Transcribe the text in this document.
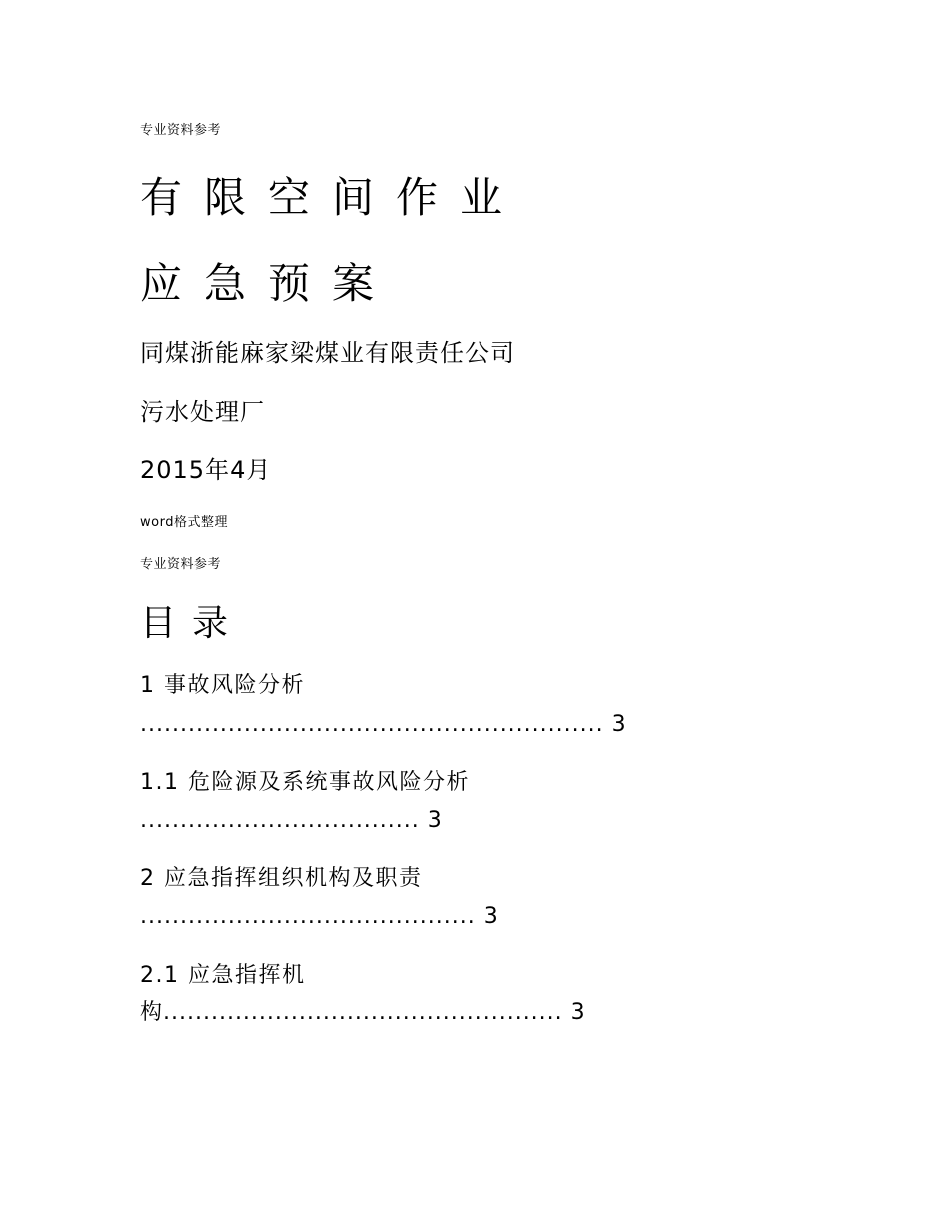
专业资料参考
有限空间作业
应急预案
同煤浙能麻家梁煤业有限责任公司
污水处理厂
2015年4月
word格式整理
专业资料参考
目录
1 事故风险分析
.......................................................... 3
1.1 危险源及系统事故风险分析
................................... 3
2 应急指挥组织机构及职责
.......................................... 3
2.1 应急指挥机
构.................................................. 3
